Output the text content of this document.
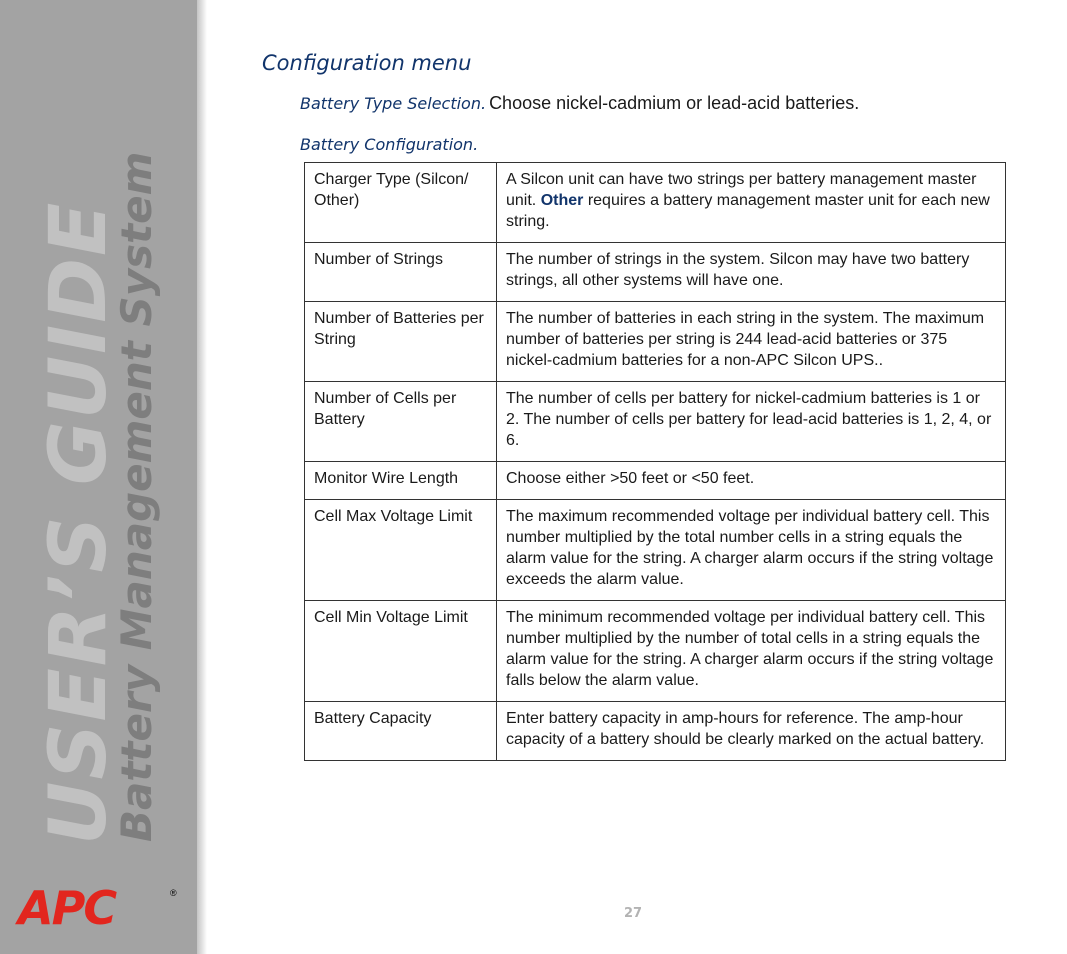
USER’S GUIDE
Battery Management System
APC	®
Configuration menu

Battery Type Selection. Choose nickel-cadmium or lead-acid batteries.

Battery Configuration.

Charger Type (Silcon/ Other)	A Silcon unit can have two strings per battery management master unit. Other requires a battery management master unit for each new string.
Number of Strings	The number of strings in the system. Silcon may have two battery strings, all other systems will have one.
Number of Batteries per String	The number of batteries in each string in the system. The maximum number of batteries per string is 244 lead-acid batteries or 375 nickel-cadmium batteries for a non-APC Silcon UPS..
Number of Cells per Battery	The number of cells per battery for nickel-cadmium batteries is 1 or 2. The number of cells per battery for lead-acid batteries is 1, 2, 4, or 6.
Monitor Wire Length	Choose either >50 feet or <50 feet.
Cell Max Voltage Limit	The maximum recommended voltage per individual battery cell. This number multiplied by the total number cells in a string equals the alarm value for the string. A charger alarm occurs if the string voltage exceeds the alarm value.
Cell Min Voltage Limit	The minimum recommended voltage per individual battery cell. This number multiplied by the number of total cells in a string equals the alarm value for the string. A charger alarm occurs if the string voltage falls below the alarm value.
Battery Capacity	Enter battery capacity in amp-hours for reference. The amp-hour capacity of a battery should be clearly marked on the actual battery.
27
